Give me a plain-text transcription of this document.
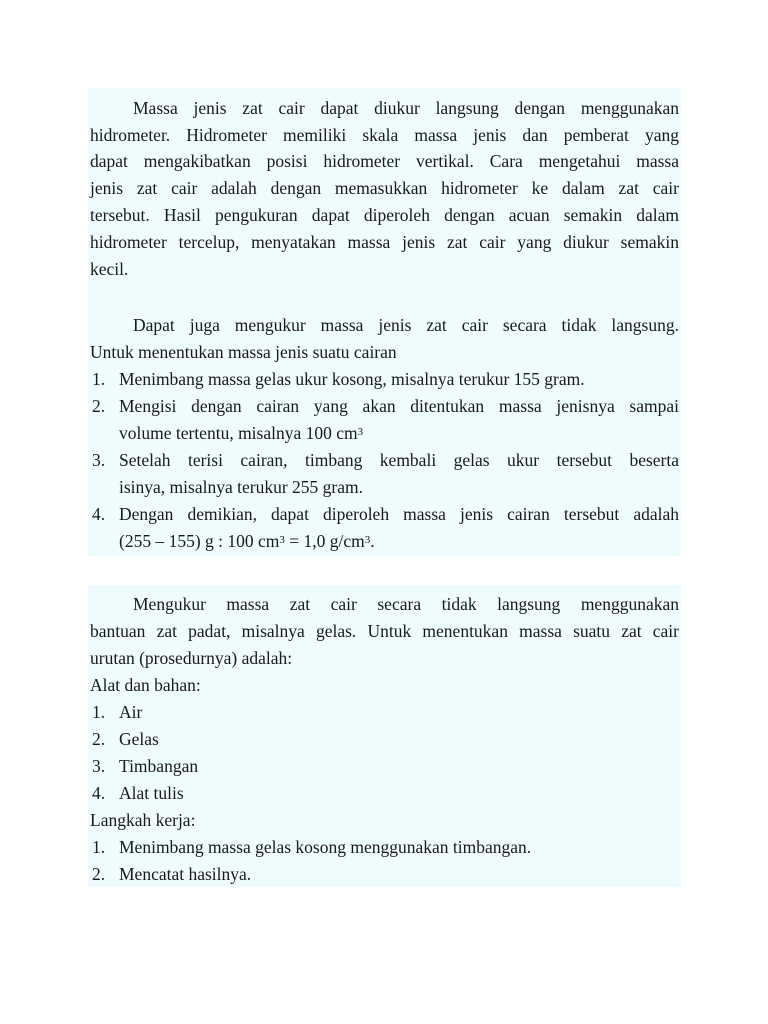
Massa jenis zat cair dapat diukur langsung dengan menggunakan
hidrometer. Hidrometer memiliki skala massa jenis dan pemberat yang
dapat mengakibatkan posisi hidrometer vertikal. Cara mengetahui massa
jenis zat cair adalah dengan memasukkan hidrometer ke dalam zat cair
tersebut. Hasil pengukuran dapat diperoleh dengan acuan semakin dalam
hidrometer tercelup, menyatakan massa jenis zat cair yang diukur semakin
kecil.
Dapat juga mengukur massa jenis zat cair secara tidak langsung.
Untuk menentukan massa jenis suatu cairan
1. Menimbang massa gelas ukur kosong, misalnya terukur 155 gram.
2. Mengisi dengan cairan yang akan ditentukan massa jenisnya sampai
volume tertentu, misalnya 100 $cm^3$
3. Setelah terisi cairan, timbang kembali gelas ukur tersebut beserta
isinya, misalnya terukur 255 gram.
4. Dengan demikian, dapat diperoleh massa jenis cairan tersebut adalah
(255 – 155) g : 100 $cm^3 = 1,0$ $g/cm^3$.
Mengukur massa zat cair secara tidak langsung menggunakan
bantuan zat padat, misalnya gelas. Untuk menentukan massa suatu zat cair
urutan (prosedurnya) adalah:
Alat dan bahan:
1. Air
2. Gelas
3. Timbangan
4. Alat tulis
Langkah kerja:
1. Menimbang massa gelas kosong menggunakan timbangan.
2. Mencatat hasilnya.
